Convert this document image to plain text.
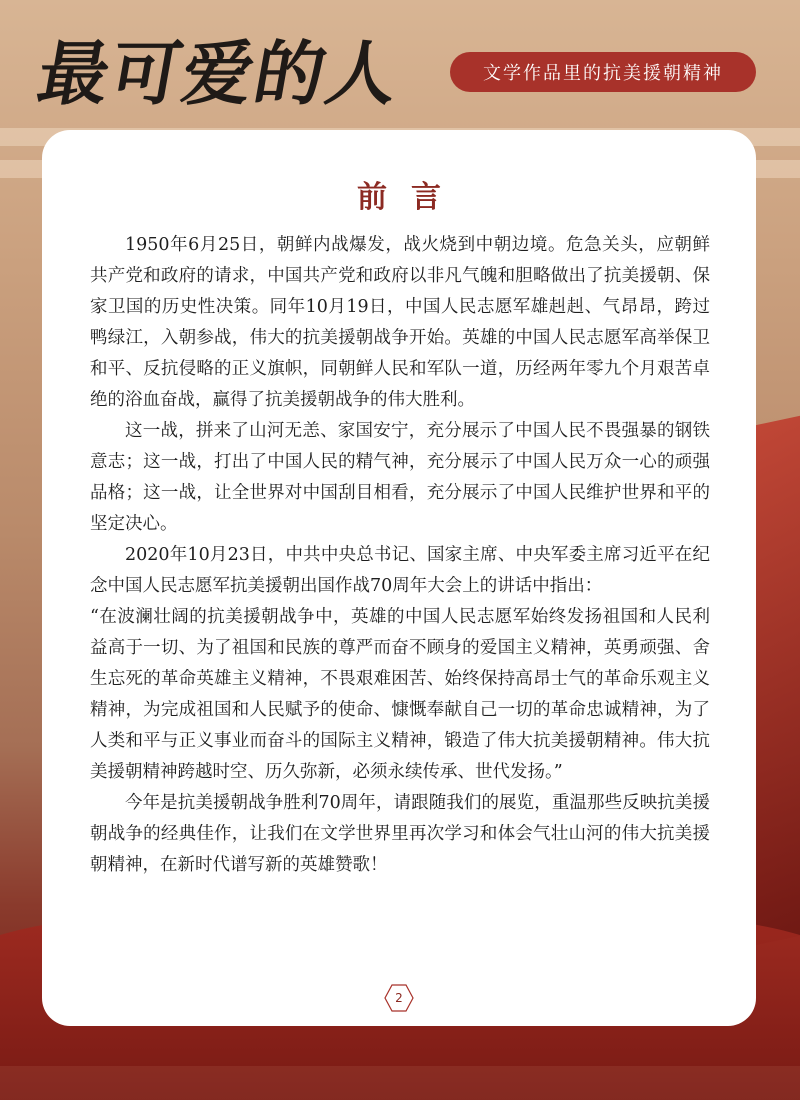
最可爱的人	文学作品里的抗美援朝精神
前言

1950年6月25日，朝鲜内战爆发，战火烧到中朝边境。危急关头，应朝鲜共产党和政府的请求，中国共产党和政府以非凡气魄和胆略做出了抗美援朝、保家卫国的历史性决策。同年10月19日，中国人民志愿军雄赳赳、气昂昂，跨过鸭绿江，入朝参战，伟大的抗美援朝战争开始。英雄的中国人民志愿军高举保卫和平、反抗侵略的正义旗帜，同朝鲜人民和军队一道，历经两年零九个月艰苦卓绝的浴血奋战，赢得了抗美援朝战争的伟大胜利。

这一战，拼来了山河无恙、家国安宁，充分展示了中国人民不畏强暴的钢铁意志；这一战，打出了中国人民的精气神，充分展示了中国人民万众一心的顽强品格；这一战，让全世界对中国刮目相看，充分展示了中国人民维护世界和平的坚定决心。

2020年10月23日，中共中央总书记、国家主席、中央军委主席习近平在纪念中国人民志愿军抗美援朝出国作战70周年大会上的讲话中指出：

“在波澜壮阔的抗美援朝战争中，英雄的中国人民志愿军始终发扬祖国和人民利益高于一切、为了祖国和民族的尊严而奋不顾身的爱国主义精神，英勇顽强、舍生忘死的革命英雄主义精神，不畏艰难困苦、始终保持高昂士气的革命乐观主义精神，为完成祖国和人民赋予的使命、慷慨奉献自己一切的革命忠诚精神，为了人类和平与正义事业而奋斗的国际主义精神，锻造了伟大抗美援朝精神。伟大抗美援朝精神跨越时空、历久弥新，必须永续传承、世代发扬。”

今年是抗美援朝战争胜利70周年，请跟随我们的展览，重温那些反映抗美援朝战争的经典佳作，让我们在文学世界里再次学习和体会气壮山河的伟大抗美援朝精神，在新时代谱写新的英雄赞歌！

2
